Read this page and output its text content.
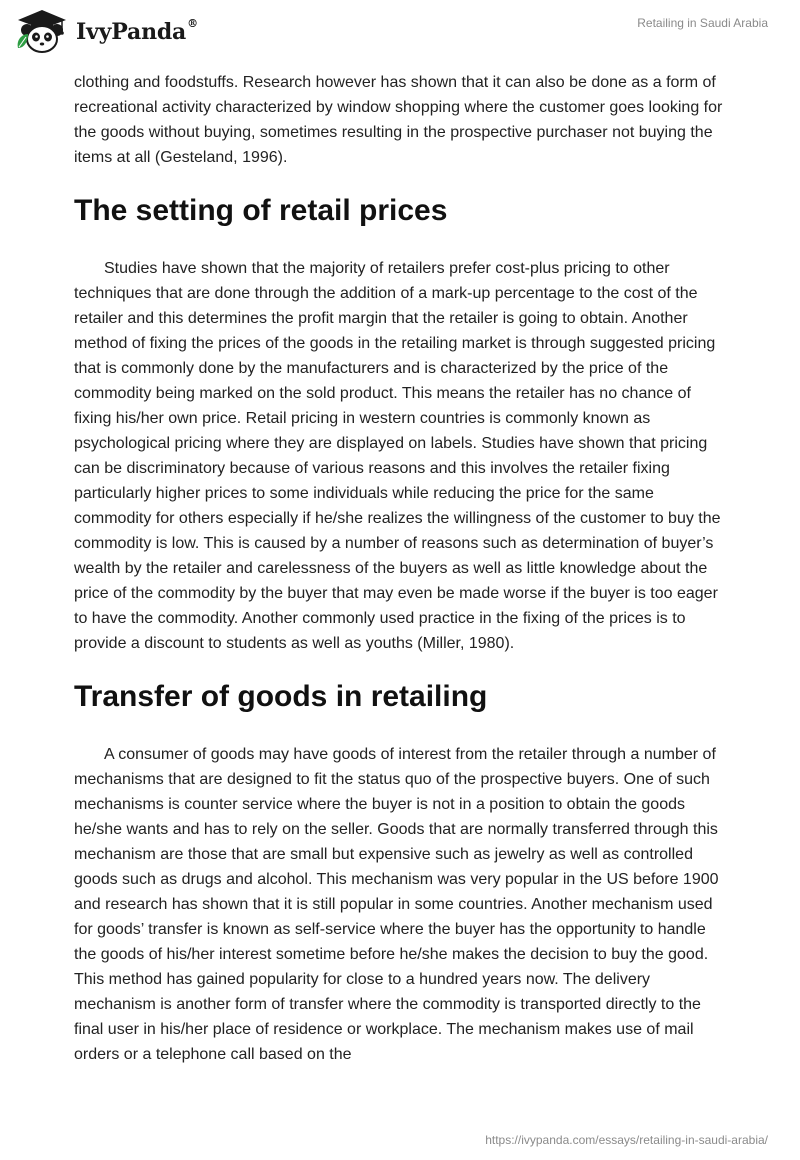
IvyPanda®	Retailing in Saudi Arabia

clothing and foodstuffs. Research however has shown that it can also be done as a form of recreational activity characterized by window shopping where the customer goes looking for the goods without buying, sometimes resulting in the prospective purchaser not buying the items at all (Gesteland, 1996).

The setting of retail prices

Studies have shown that the majority of retailers prefer cost-plus pricing to other techniques that are done through the addition of a mark-up percentage to the cost of the retailer and this determines the profit margin that the retailer is going to obtain. Another method of fixing the prices of the goods in the retailing market is through suggested pricing that is commonly done by the manufacturers and is characterized by the price of the commodity being marked on the sold product. This means the retailer has no chance of fixing his/her own price. Retail pricing in western countries is commonly known as psychological pricing where they are displayed on labels. Studies have shown that pricing can be discriminatory because of various reasons and this involves the retailer fixing particularly higher prices to some individuals while reducing the price for the same commodity for others especially if he/she realizes the willingness of the customer to buy the commodity is low. This is caused by a number of reasons such as determination of buyer’s wealth by the retailer and carelessness of the buyers as well as little knowledge about the price of the commodity by the buyer that may even be made worse if the buyer is too eager to have the commodity. Another commonly used practice in the fixing of the prices is to provide a discount to students as well as youths (Miller, 1980).

Transfer of goods in retailing

A consumer of goods may have goods of interest from the retailer through a number of mechanisms that are designed to fit the status quo of the prospective buyers. One of such mechanisms is counter service where the buyer is not in a position to obtain the goods he/she wants and has to rely on the seller. Goods that are normally transferred through this mechanism are those that are small but expensive such as jewelry as well as controlled goods such as drugs and alcohol. This mechanism was very popular in the US before 1900 and research has shown that it is still popular in some countries. Another mechanism used for goods’ transfer is known as self-service where the buyer has the opportunity to handle the goods of his/her interest sometime before he/she makes the decision to buy the good. This method has gained popularity for close to a hundred years now. The delivery mechanism is another form of transfer where the commodity is transported directly to the final user in his/her place of residence or workplace. The mechanism makes use of mail orders or a telephone call based on the

https://ivypanda.com/essays/retailing-in-saudi-arabia/
